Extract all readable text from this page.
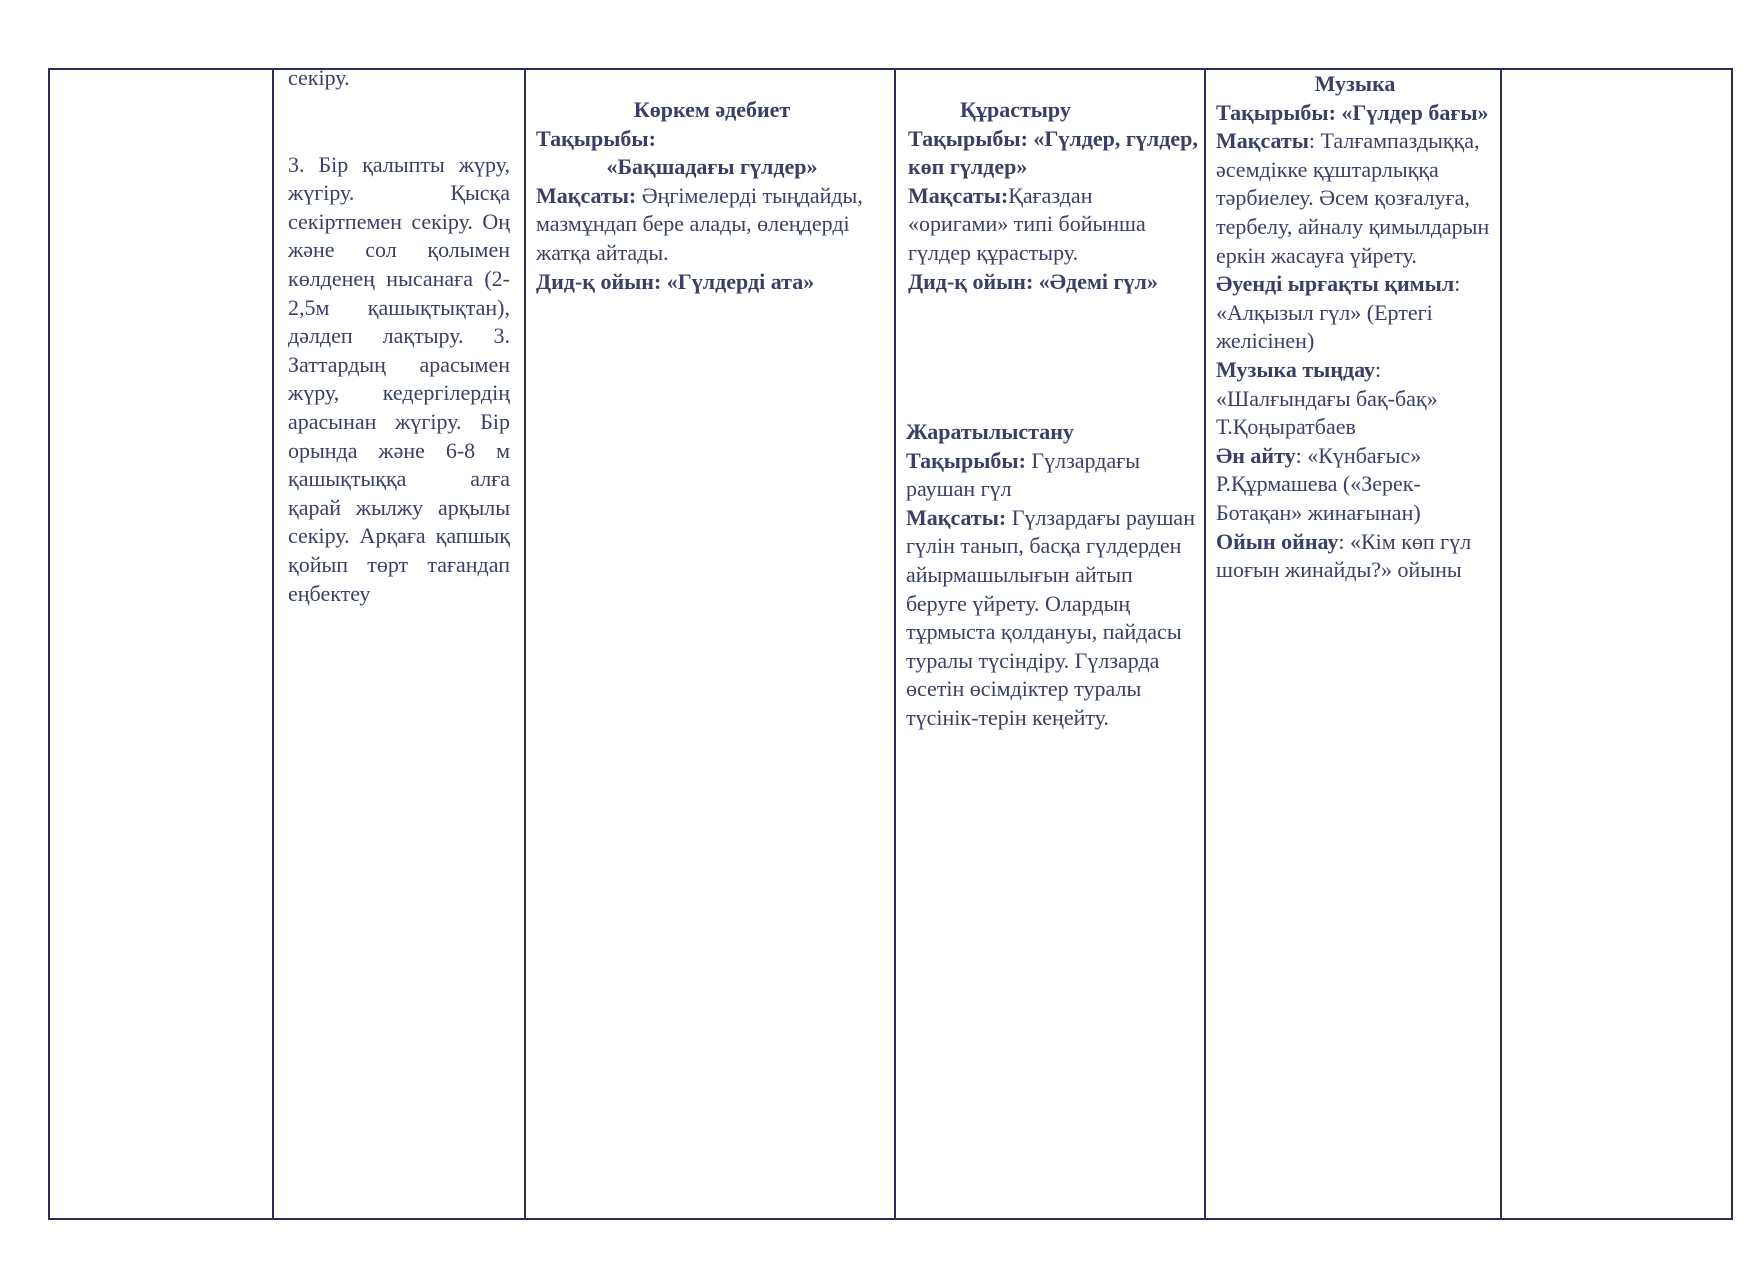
секіру.

3. Бір қалыпты жүру, жүгіру. Қысқа секіртпемен секіру. Оң және сол қолымен көлденең нысанаға (2-2,5м қашықтықтан), дәлдеп лақтыру. 3. Заттардың арасымен жүру, кедергілердің арасынан жүгіру. Бір орында және 6-8 м қашықтыққа алға қарай жылжу арқылы секіру. Арқаға қапшық қойып төрт тағандап еңбектеу

Көркем әдебиет

Тақырыбы:

«Бақшадағы гүлдер»

Мақсаты: Әңгімелерді тыңдайды, мазмұндап бере алады, өлеңдерді жатқа айтады.

Дид-қ ойын: «Гүлдерді ата»

Құрастыру

Тақырыбы: «Гүлдер, гүлдер, көп гүлдер»

Мақсаты:Қағаздан «оригами» типі бойынша гүлдер құрастыру.

Дид-қ ойын: «Әдемі гүл»

Жаратылыстану

Тақырыбы: Гүлзардағы раушан гүл

Мақсаты: Гүлзардағы раушан гүлін танып, басқа гүлдерден айырмашылығын айтып беруге үйрету. Олардың тұрмыста қолдануы, пайдасы туралы түсіндіру. Гүлзарда өсетін өсімдіктер туралы түсінік-терін кеңейту.

Музыка

Тақырыбы: «Гүлдер бағы»

Мақсаты: Талғампаздыққа, әсемдікке құштарлыққа тәрбиелеу. Әсем қозғалуға, тербелу, айналу қимылдарын еркін жасауға үйрету.

Әуенді ырғақты қимыл: «Алқызыл гүл» (Ертегі желісінен)

Музыка тыңдау: «Шалғындағы бақ-бақ» Т.Қоңыратбаев

Ән айту: «Күнбағыс» Р.Құрмашева («Зерек-Ботақан» жинағынан)

Ойын ойнау: «Кім көп гүл шоғын жинайды?» ойыны
